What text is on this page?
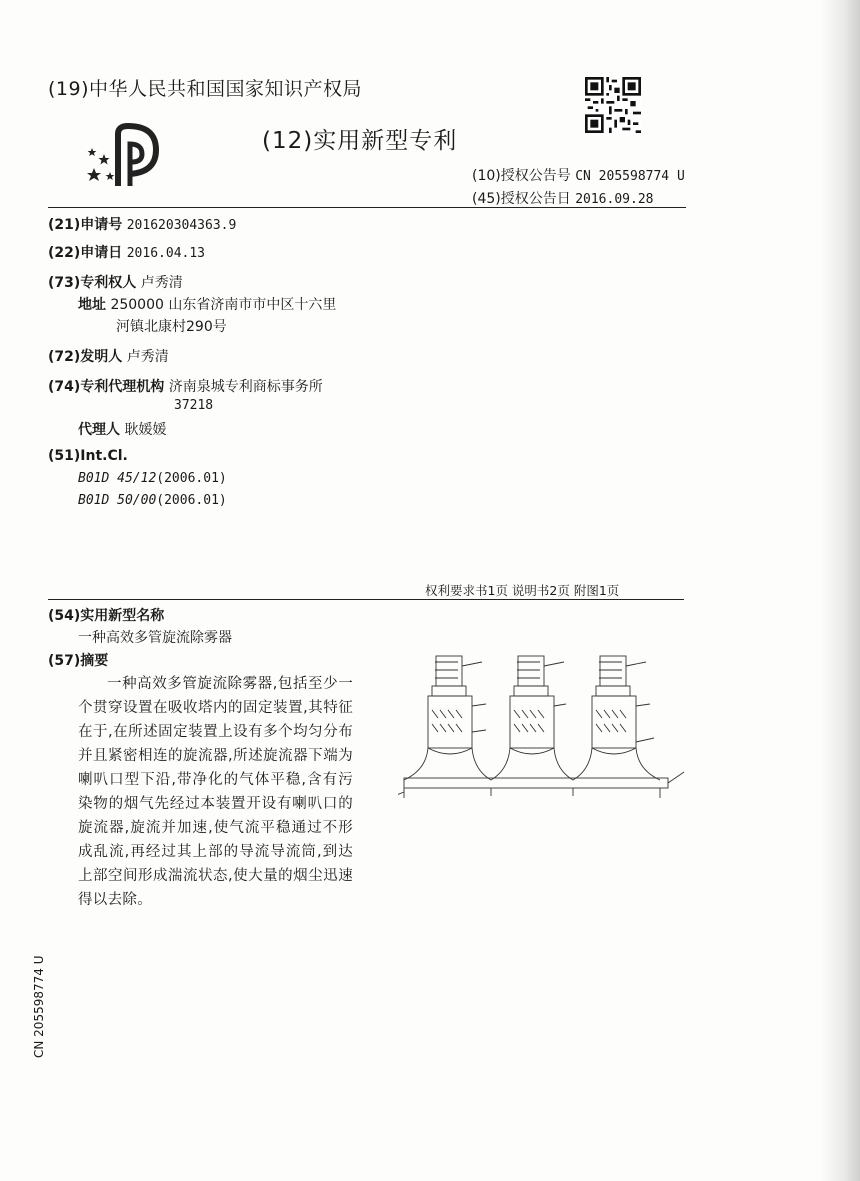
(19)中华人民共和国国家知识产权局
(12)实用新型专利
(10)授权公告号 CN 205598774 U
(45)授权公告日 2016.09.28
(21)申请号 201620304363.9
(22)申请日 2016.04.13
(73)专利权人 卢秀清
地址 250000 山东省济南市市中区十六里
河镇北康村290号
(72)发明人 卢秀清
(74)专利代理机构 济南泉城专利商标事务所
37218
代理人 耿媛媛
(51)Int.Cl.
B01D 45/12(2006.01)
B01D 50/00(2006.01)
权利要求书1页 说明书2页 附图1页
(54)实用新型名称
一种高效多管旋流除雾器
(57)摘要

一种高效多管旋流除雾器,包括至少一个贯穿设置在吸收塔内的固定装置,其特征在于,在所述固定装置上设有多个均匀分布并且紧密相连的旋流器,所述旋流器下端为喇叭口型下沿,带净化的气体平稳,含有污染物的烟气先经过本装置开设有喇叭口的旋流器,旋流并加速,使气流平稳通过不形成乱流,再经过其上部的导流导流筒,到达上部空间形成湍流状态,使大量的烟尘迅速得以去除。

CN 205598774 U
